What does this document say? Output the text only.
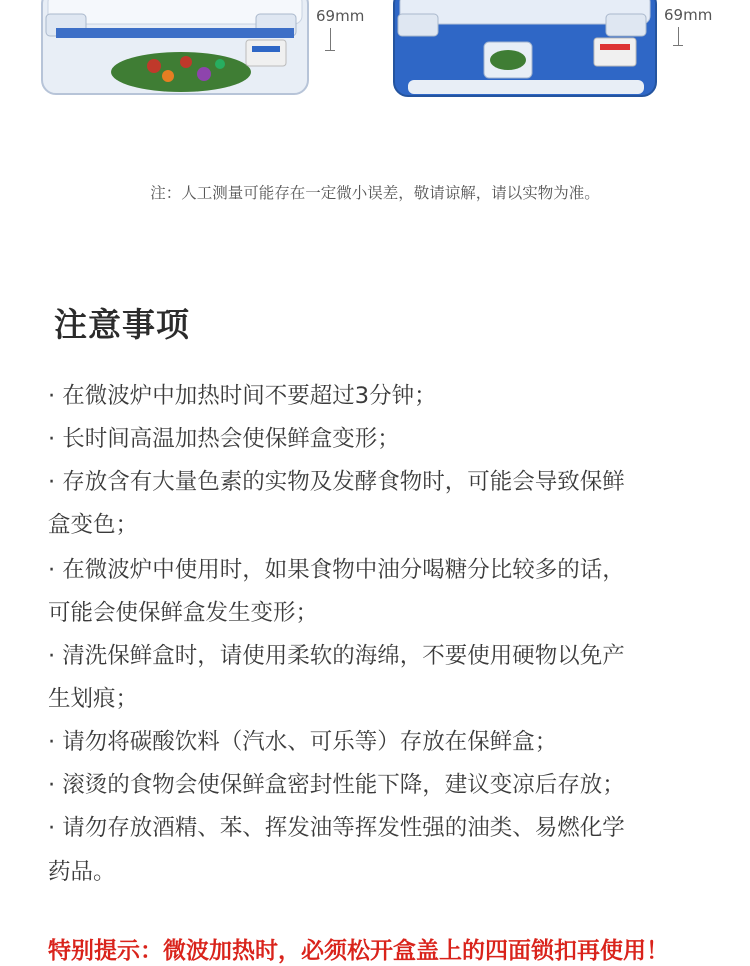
69mm	69mm
注：人工测量可能存在一定微小误差，敬请谅解，请以实物为准。
注意事项
· 在微波炉中加热时间不要超过3分钟；
· 长时间高温加热会使保鲜盒变形；
· 存放含有大量色素的实物及发酵食物时，可能会导致保鲜
盒变色；
· 在微波炉中使用时，如果食物中油分喝糖分比较多的话，
可能会使保鲜盒发生变形；
· 清洗保鲜盒时，请使用柔软的海绵，不要使用硬物以免产
生划痕；
· 请勿将碳酸饮料（汽水、可乐等）存放在保鲜盒；
· 滚烫的食物会使保鲜盒密封性能下降，建议变凉后存放；
· 请勿存放酒精、苯、挥发油等挥发性强的油类、易燃化学
药品。
特别提示：微波加热时，必须松开盒盖上的四面锁扣再使用！
